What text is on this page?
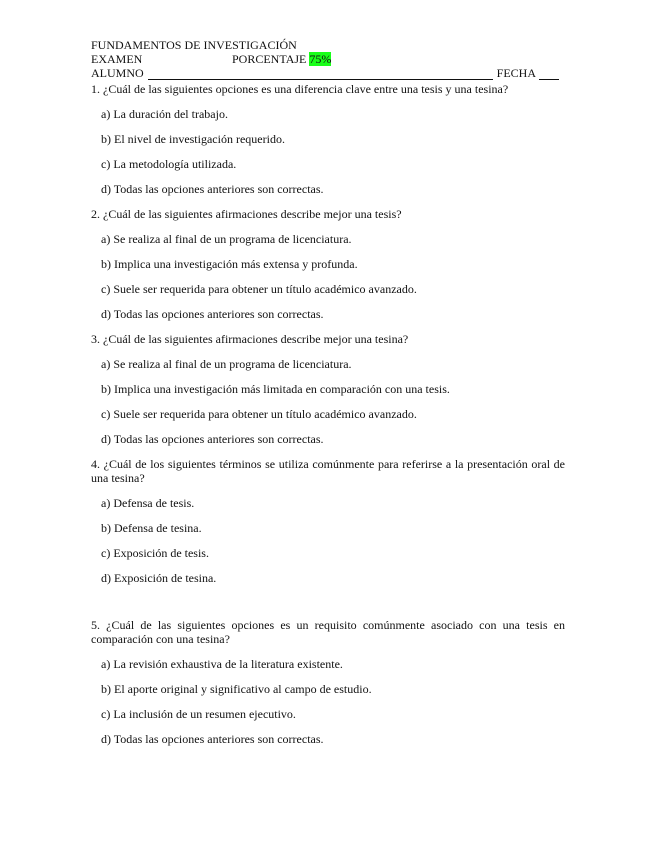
FUNDAMENTOS DE INVESTIGACIÓN
EXAMEN	PORCENTAJE 75%
ALUMNO	FECHA
1. ¿Cuál de las siguientes opciones es una diferencia clave entre una tesis y una tesina?
a) La duración del trabajo.
b) El nivel de investigación requerido.
c) La metodología utilizada.
d) Todas las opciones anteriores son correctas.
2. ¿Cuál de las siguientes afirmaciones describe mejor una tesis?
a) Se realiza al final de un programa de licenciatura.
b) Implica una investigación más extensa y profunda.
c) Suele ser requerida para obtener un título académico avanzado.
d) Todas las opciones anteriores son correctas.
3. ¿Cuál de las siguientes afirmaciones describe mejor una tesina?
a) Se realiza al final de un programa de licenciatura.
b) Implica una investigación más limitada en comparación con una tesis.
c) Suele ser requerida para obtener un título académico avanzado.
d) Todas las opciones anteriores son correctas.
4. ¿Cuál de los siguientes términos se utiliza comúnmente para referirse a la presentación oral de una tesina?
a) Defensa de tesis.
b) Defensa de tesina.
c) Exposición de tesis.
d) Exposición de tesina.
5. ¿Cuál de las siguientes opciones es un requisito comúnmente asociado con una tesis en comparación con una tesina?
a) La revisión exhaustiva de la literatura existente.
b) El aporte original y significativo al campo de estudio.
c) La inclusión de un resumen ejecutivo.
d) Todas las opciones anteriores son correctas.
